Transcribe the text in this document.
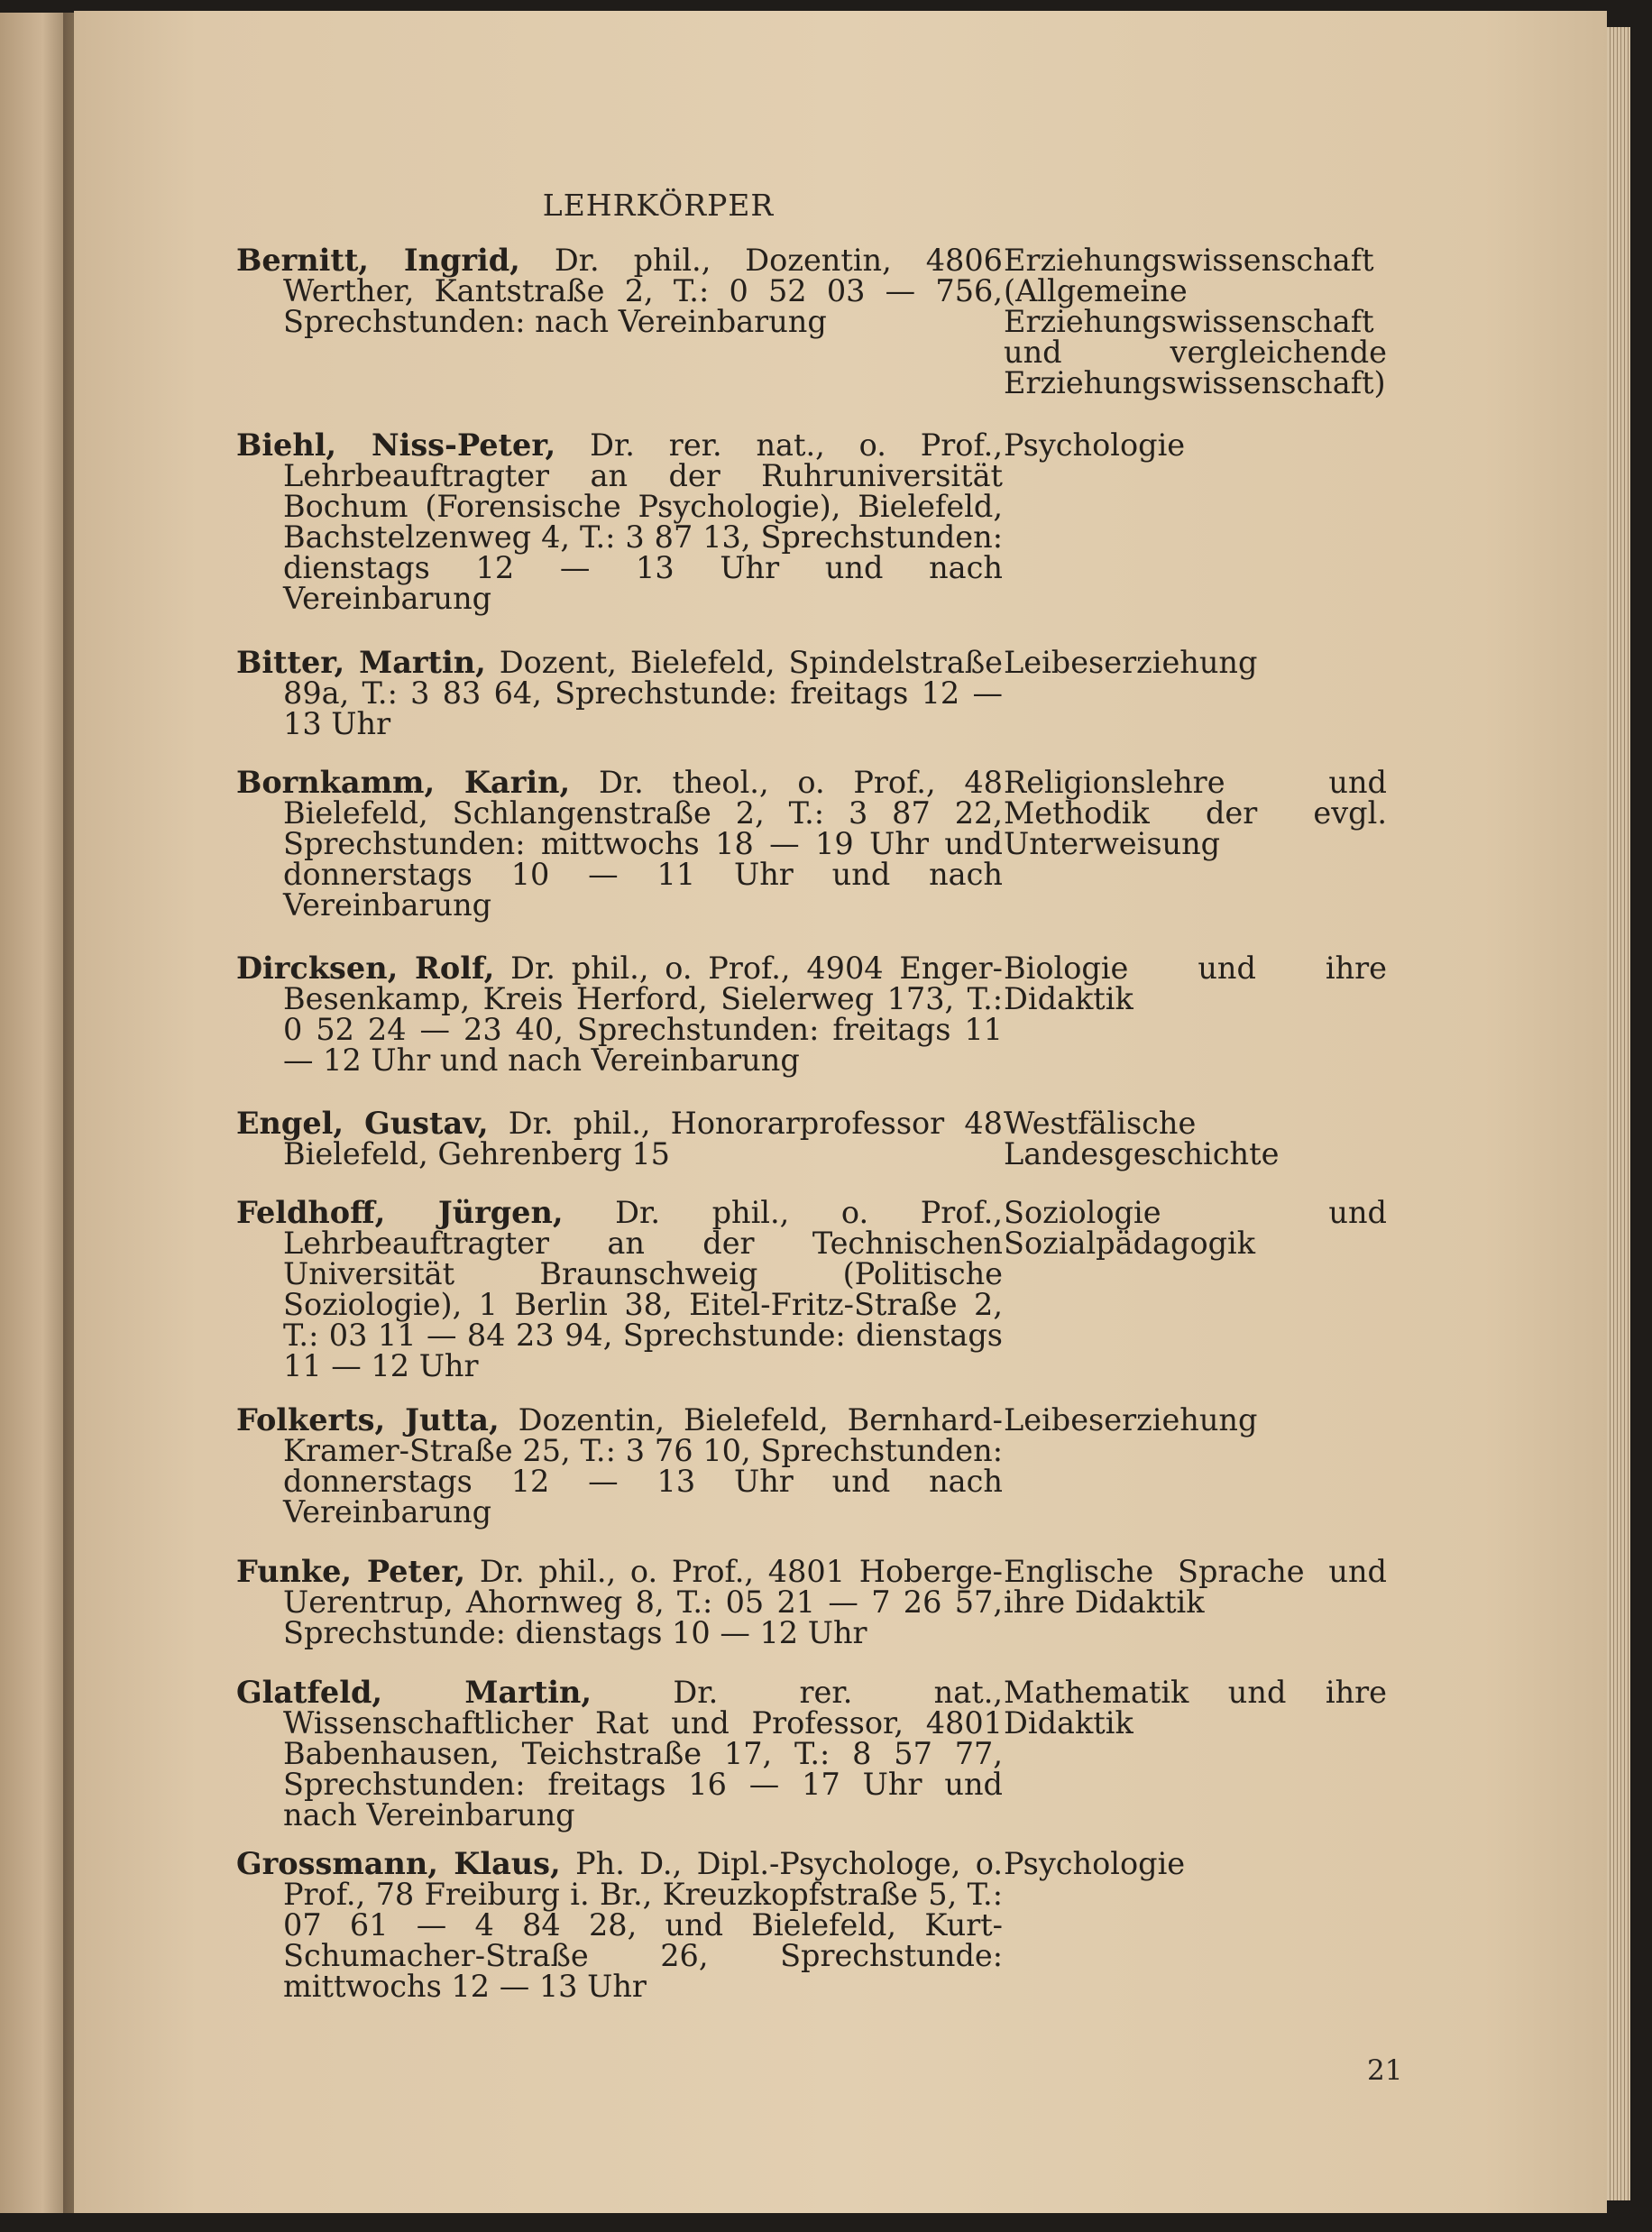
LEHRKÖRPER
Bernitt, Ingrid, Dr. phil., Dozentin, 4806 Werther, Kantstraße 2, T.: 0 52 03 — 756, Sprechstunden: nach Vereinbarung
Erziehungswissenschaft (Allgemeine Erziehungswissenschaft und vergleichende Erziehungswissenschaft)
Biehl, Niss-Peter, Dr. rer. nat., o. Prof., Lehrbeauftragter an der Ruhruniversität Bochum (Forensische Psychologie), Bielefeld, Bachstelzenweg 4, T.: 3 87 13, Sprechstunden: dienstags 12 — 13 Uhr und nach Vereinbarung
Psychologie
Bitter, Martin, Dozent, Bielefeld, Spindelstraße 89a, T.: 3 83 64, Sprechstunde: freitags 12 — 13 Uhr
Leibeserziehung
Bornkamm, Karin, Dr. theol., o. Prof., 48 Bielefeld, Schlangenstraße 2, T.: 3 87 22, Sprechstunden: mittwochs 18 — 19 Uhr und donnerstags 10 — 11 Uhr und nach Vereinbarung
Religionslehre und Methodik der evgl. Unterweisung
Dircksen, Rolf, Dr. phil., o. Prof., 4904 Enger-Besenkamp, Kreis Herford, Sielerweg 173, T.: 0 52 24 — 23 40, Sprechstunden: freitags 11 — 12 Uhr und nach Vereinbarung
Biologie und ihre Didaktik
Engel, Gustav, Dr. phil., Honorarprofessor 48 Bielefeld, Gehrenberg 15
Westfälische Landesgeschichte
Feldhoff, Jürgen, Dr. phil., o. Prof., Lehrbeauftragter an der Technischen Universität Braunschweig (Politische Soziologie), 1 Berlin 38, Eitel-Fritz-Straße 2, T.: 03 11 — 84 23 94, Sprechstunde: dienstags 11 — 12 Uhr
Soziologie und Sozialpädagogik
Folkerts, Jutta, Dozentin, Bielefeld, Bernhard-Kramer-Straße 25, T.: 3 76 10, Sprechstunden: donnerstags 12 — 13 Uhr und nach Vereinbarung
Leibeserziehung
Funke, Peter, Dr. phil., o. Prof., 4801 Hoberge-Uerentrup, Ahornweg 8, T.: 05 21 — 7 26 57, Sprechstunde: dienstags 10 — 12 Uhr
Englische Sprache und ihre Didaktik
Glatfeld, Martin,	Dr. rer. nat., Wissenschaftlicher Rat und Professor, 4801 Babenhausen, Teichstraße 17, T.: 8 57 77, Sprechstunden: freitags 16 — 17 Uhr und nach Vereinbarung
Mathematik und ihre Didaktik
Grossmann, Klaus, Ph. D., Dipl.-Psychologe, o. Prof., 78 Freiburg i. Br., Kreuzkopfstraße 5, T.: 07 61 — 4 84 28, und Bielefeld, Kurt-Schumacher-Straße 26, Sprechstunde: mittwochs 12 — 13 Uhr
Psychologie
21
